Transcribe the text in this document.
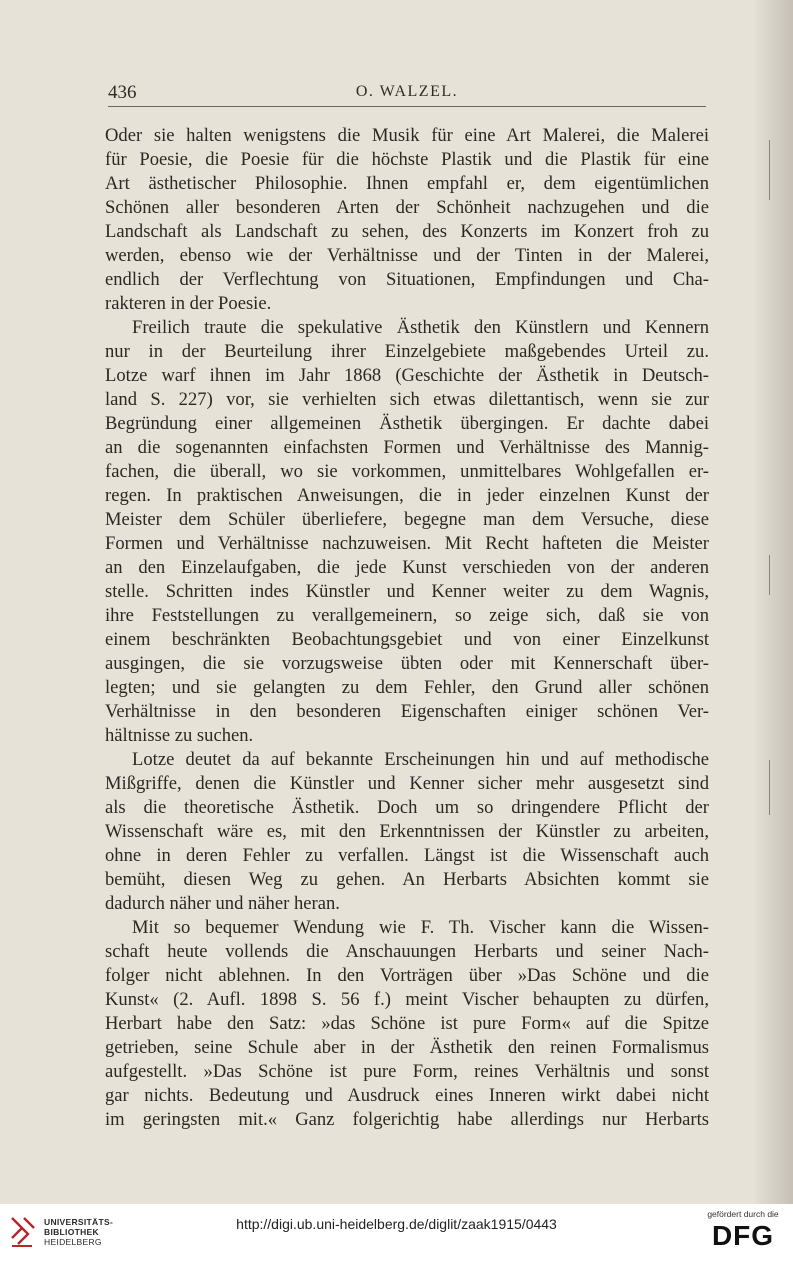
436	O. WALZEL.
Oder sie halten wenigstens die Musik für eine Art Malerei, die Malerei
für Poesie, die Poesie für die höchste Plastik und die Plastik für eine
Art ästhetischer Philosophie. Ihnen empfahl er, dem eigentümlichen
Schönen aller besonderen Arten der Schönheit nachzugehen und die
Landschaft als Landschaft zu sehen, des Konzerts im Konzert froh zu
werden, ebenso wie der Verhältnisse und der Tinten in der Malerei,
endlich der Verflechtung von Situationen, Empfindungen und Cha-
rakteren in der Poesie.
Freilich traute die spekulative Ästhetik den Künstlern und Kennern
nur in der Beurteilung ihrer Einzelgebiete maßgebendes Urteil zu.
Lotze warf ihnen im Jahr 1868 (Geschichte der Ästhetik in Deutsch-
land S. 227) vor, sie verhielten sich etwas dilettantisch, wenn sie zur
Begründung einer allgemeinen Ästhetik übergingen. Er dachte dabei
an die sogenannten einfachsten Formen und Verhältnisse des Mannig-
fachen, die überall, wo sie vorkommen, unmittelbares Wohlgefallen er-
regen. In praktischen Anweisungen, die in jeder einzelnen Kunst der
Meister dem Schüler überliefere, begegne man dem Versuche, diese
Formen und Verhältnisse nachzuweisen. Mit Recht hafteten die Meister
an den Einzelaufgaben, die jede Kunst verschieden von der anderen
stelle. Schritten indes Künstler und Kenner weiter zu dem Wagnis,
ihre Feststellungen zu verallgemeinern, so zeige sich, daß sie von
einem beschränkten Beobachtungsgebiet und von einer Einzelkunst
ausgingen, die sie vorzugsweise übten oder mit Kennerschaft über-
legten; und sie gelangten zu dem Fehler, den Grund aller schönen
Verhältnisse in den besonderen Eigenschaften einiger schönen Ver-
hältnisse zu suchen.
Lotze deutet da auf bekannte Erscheinungen hin und auf methodische
Mißgriffe, denen die Künstler und Kenner sicher mehr ausgesetzt sind
als die theoretische Ästhetik. Doch um so dringendere Pflicht der
Wissenschaft wäre es, mit den Erkenntnissen der Künstler zu arbeiten,
ohne in deren Fehler zu verfallen. Längst ist die Wissenschaft auch
bemüht, diesen Weg zu gehen. An Herbarts Absichten kommt sie
dadurch näher und näher heran.
Mit so bequemer Wendung wie F. Th. Vischer kann die Wissen-
schaft heute vollends die Anschauungen Herbarts und seiner Nach-
folger nicht ablehnen. In den Vorträgen über »Das Schöne und die
Kunst« (2. Aufl. 1898 S. 56 f.) meint Vischer behaupten zu dürfen,
Herbart habe den Satz: »das Schöne ist pure Form« auf die Spitze
getrieben, seine Schule aber in der Ästhetik den reinen Formalismus
aufgestellt. »Das Schöne ist pure Form, reines Verhältnis und sonst
gar nichts. Bedeutung und Ausdruck eines Inneren wirkt dabei nicht
im geringsten mit.« Ganz folgerichtig habe allerdings nur Herbarts
UNIVERSITÄTS-
BIBLIOTHEK
HEIDELBERG
http://digi.ub.uni-heidelberg.de/diglit/zaak1915/0443
gefördert durch die
DFG
